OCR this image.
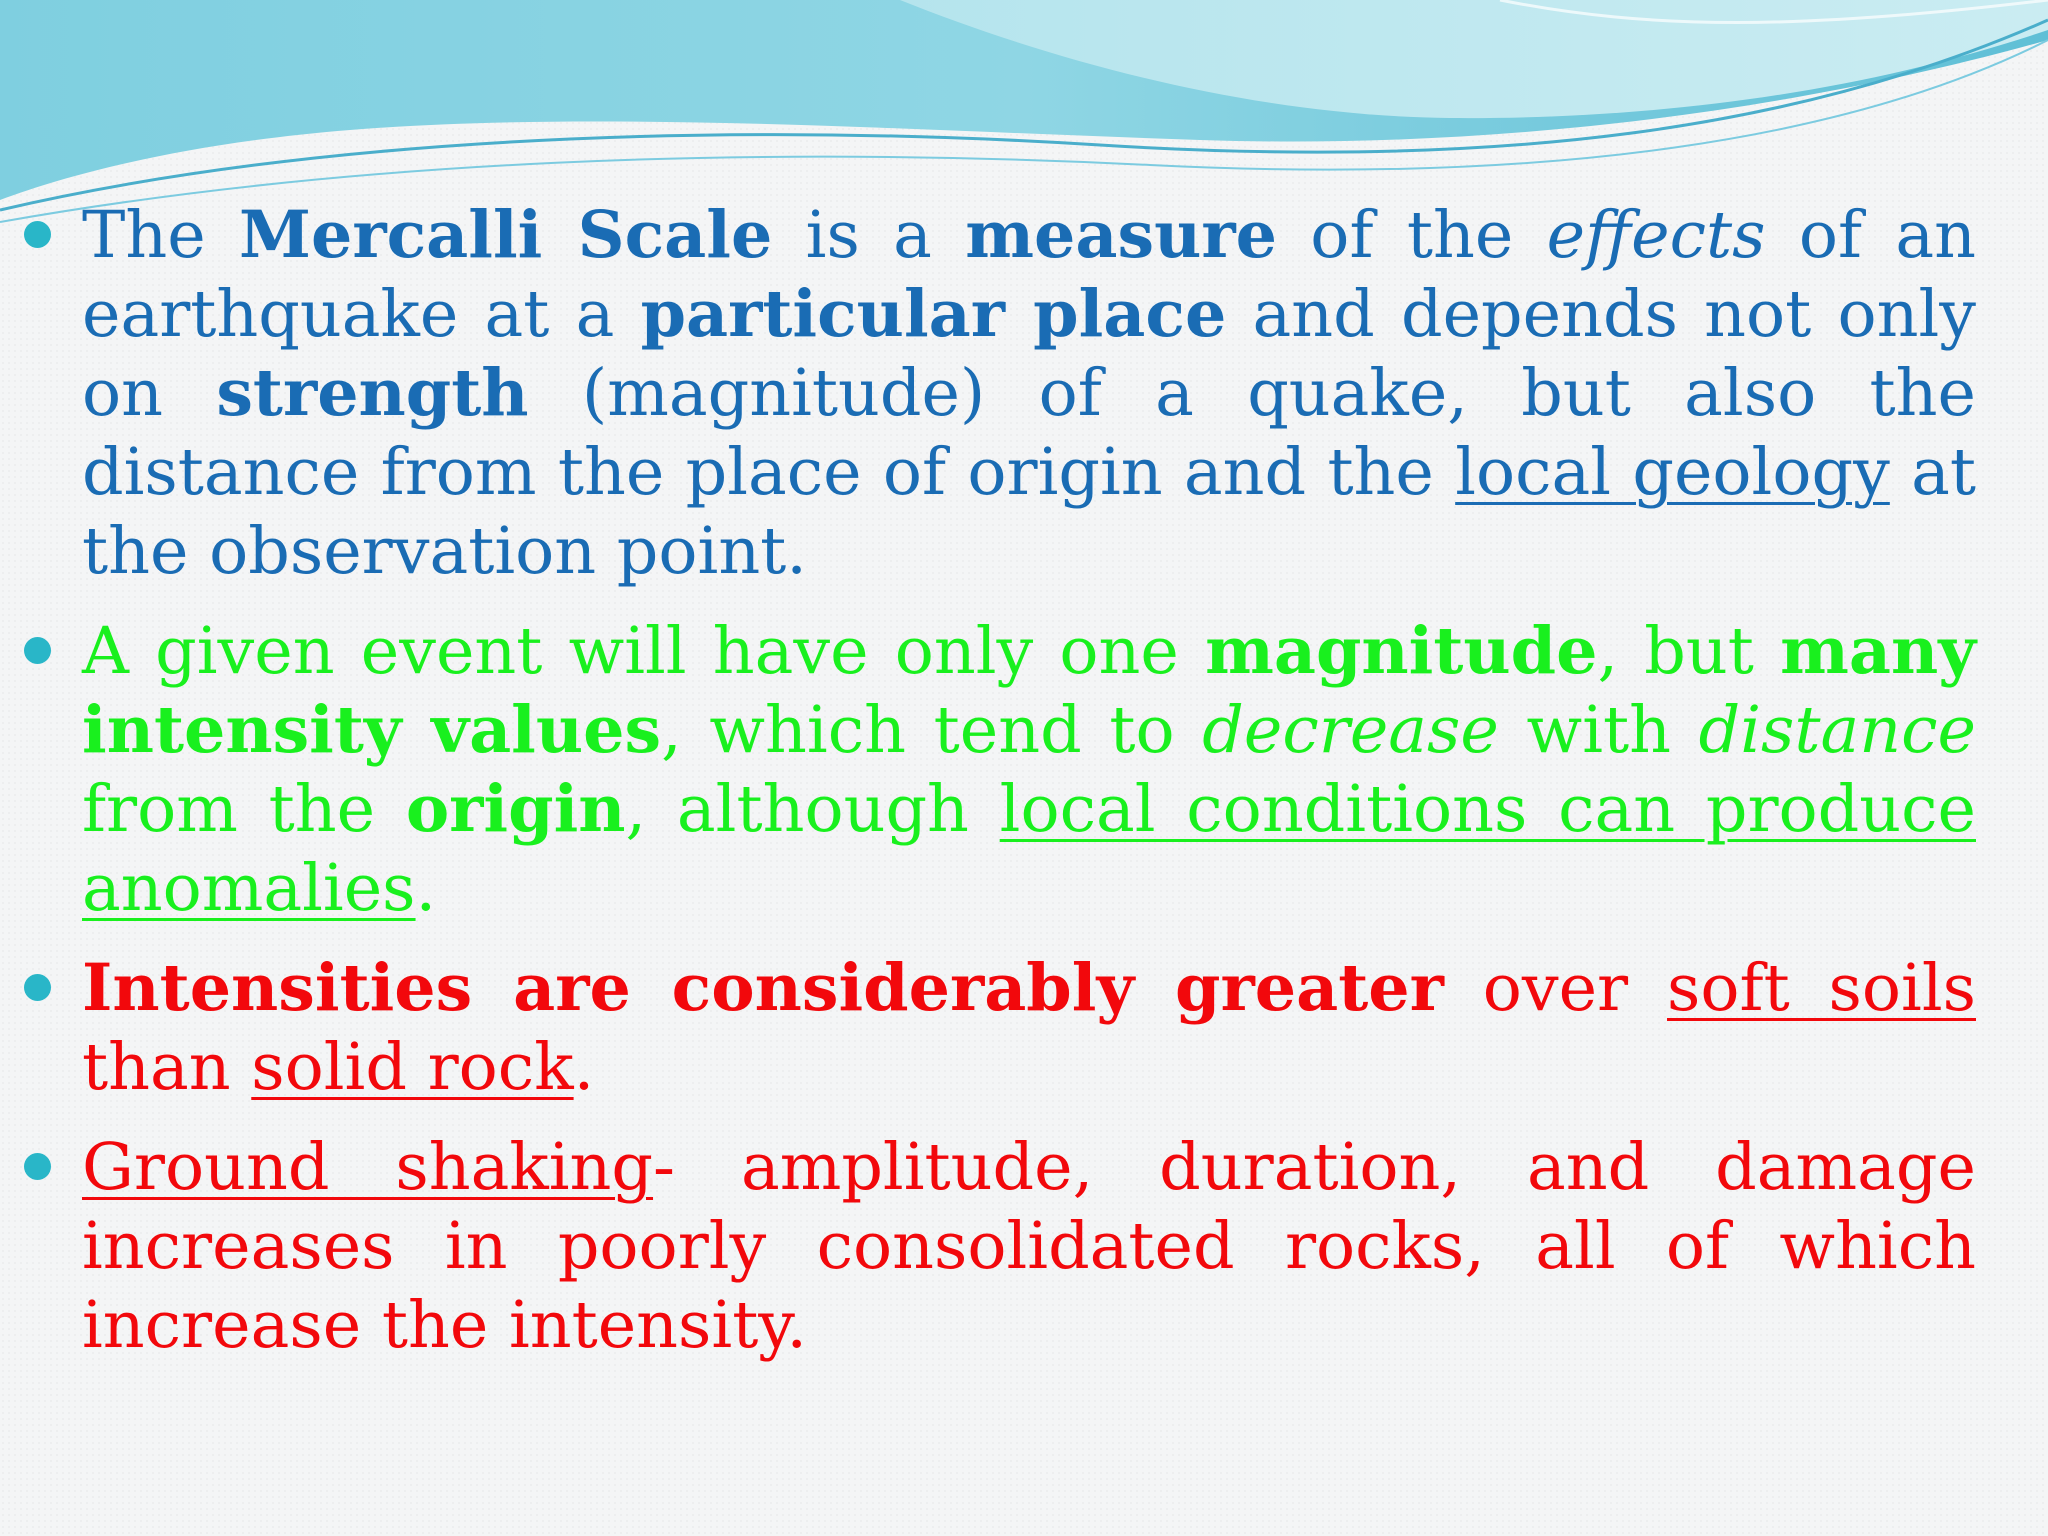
The Mercalli Scale is a measure of the effects of an earthquake at a particular place and depends not only on strength (magnitude) of a quake, but also the distance from the place of origin and the local geology at the observation point.
A given event will have only one magnitude, but many intensity values, which tend to decrease with distance from the origin, although local conditions can produce anomalies.
Intensities are considerably greater over soft soils than solid rock.
Ground shaking- amplitude, duration, and damage increases in poorly consolidated rocks, all of which increase the intensity.
